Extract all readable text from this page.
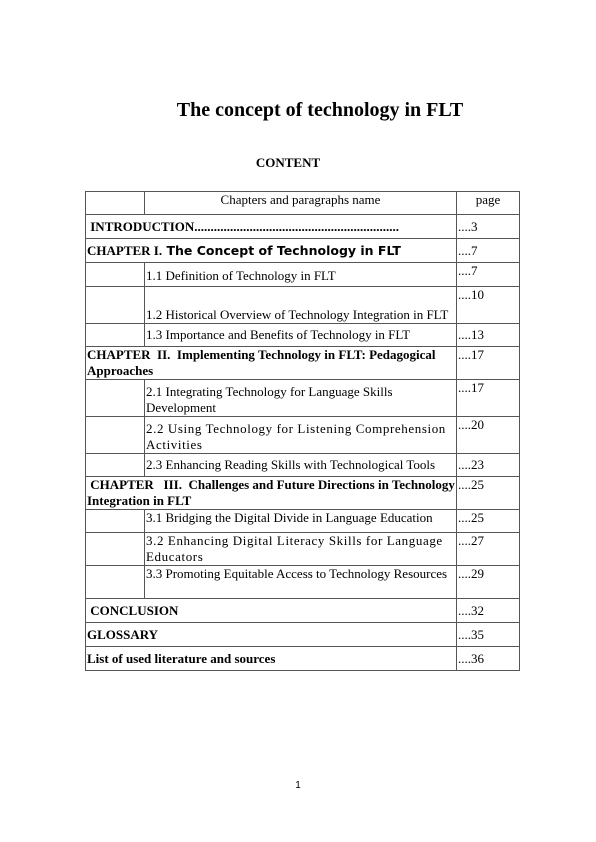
The concept of technology in FLT
CONTENT
	Chapters and paragraphs name	page
INTRODUCTION...............................................................		....3
CHAPTER I. The Concept of Technology in FLT		....7
	1.1 Definition of Technology in FLT	....7
	1.2 Historical Overview of Technology Integration in FLT	....10
	1.3 Importance and Benefits of Technology in FLT	....13
CHAPTER  II.  Implementing Technology in FLT: Pedagogical Approaches		....17
	2.1 Integrating Technology for Language Skills Development	....17
	2.2 Using Technology for Listening Comprehension Activities	....20
	2.3 Enhancing Reading Skills with Technological Tools	....23
CHAPTER   III.  Challenges and Future Directions in Technology Integration in FLT		....25
	3.1 Bridging the Digital Divide in Language Education	....25
	3.2 Enhancing Digital Literacy Skills for Language Educators	....27
	3.3 Promoting Equitable Access to Technology Resources	....29
CONCLUSION		....32
GLOSSARY		....35
List of used literature and sources		....36

1
